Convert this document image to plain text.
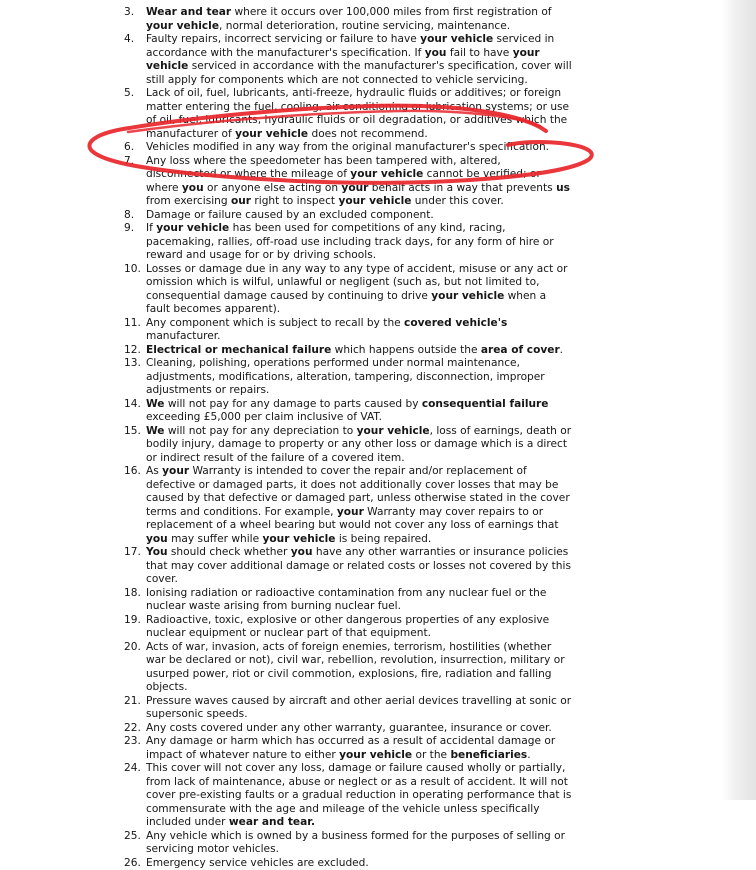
3. Wear and tear where it occurs over 100,000 miles from first registration of your vehicle, normal deterioration, routine servicing, maintenance.
4. Faulty repairs, incorrect servicing or failure to have your vehicle serviced in accordance with the manufacturer's specification. If you fail to have your vehicle serviced in accordance with the manufacturer's specification, cover will still apply for components which are not connected to vehicle servicing.
5. Lack of oil, fuel, lubricants, anti-freeze, hydraulic fluids or additives; or foreign matter entering the fuel, cooling, air conditioning or lubrication systems; or use of oil, fuel, lubricants, hydraulic fluids or oil degradation, or additives which the manufacturer of your vehicle does not recommend.
6. Vehicles modified in any way from the original manufacturer's specification.
7. Any loss where the speedometer has been tampered with, altered, disconnected or where the mileage of your vehicle cannot be verified; or where you or anyone else acting on your behalf acts in a way that prevents us from exercising our right to inspect your vehicle under this cover.
8. Damage or failure caused by an excluded component.
9. If your vehicle has been used for competitions of any kind, racing, pacemaking, rallies, off-road use including track days, for any form of hire or reward and usage for or by driving schools.
10. Losses or damage due in any way to any type of accident, misuse or any act or omission which is wilful, unlawful or negligent (such as, but not limited to, consequential damage caused by continuing to drive your vehicle when a fault becomes apparent).
11. Any component which is subject to recall by the covered vehicle's manufacturer.
12. Electrical or mechanical failure which happens outside the area of cover.
13. Cleaning, polishing, operations performed under normal maintenance, adjustments, modifications, alteration, tampering, disconnection, improper adjustments or repairs.
14. We will not pay for any damage to parts caused by consequential failure exceeding £5,000 per claim inclusive of VAT.
15. We will not pay for any depreciation to your vehicle, loss of earnings, death or bodily injury, damage to property or any other loss or damage which is a direct or indirect result of the failure of a covered item.
16. As your Warranty is intended to cover the repair and/or replacement of defective or damaged parts, it does not additionally cover losses that may be caused by that defective or damaged part, unless otherwise stated in the cover terms and conditions. For example, your Warranty may cover repairs to or replacement of a wheel bearing but would not cover any loss of earnings that you may suffer while your vehicle is being repaired.
17. You should check whether you have any other warranties or insurance policies that may cover additional damage or related costs or losses not covered by this cover.
18. Ionising radiation or radioactive contamination from any nuclear fuel or the nuclear waste arising from burning nuclear fuel.
19. Radioactive, toxic, explosive or other dangerous properties of any explosive nuclear equipment or nuclear part of that equipment.
20. Acts of war, invasion, acts of foreign enemies, terrorism, hostilities (whether war be declared or not), civil war, rebellion, revolution, insurrection, military or usurped power, riot or civil commotion, explosions, fire, radiation and falling objects.
21. Pressure waves caused by aircraft and other aerial devices travelling at sonic or supersonic speeds.
22. Any costs covered under any other warranty, guarantee, insurance or cover.
23. Any damage or harm which has occurred as a result of accidental damage or impact of whatever nature to either your vehicle or the beneficiaries.
24. This cover will not cover any loss, damage or failure caused wholly or partially, from lack of maintenance, abuse or neglect or as a result of accident. It will not cover pre-existing faults or a gradual reduction in operating performance that is commensurate with the age and mileage of the vehicle unless specifically included under wear and tear.
25. Any vehicle which is owned by a business formed for the purposes of selling or servicing motor vehicles.
26. Emergency service vehicles are excluded.
